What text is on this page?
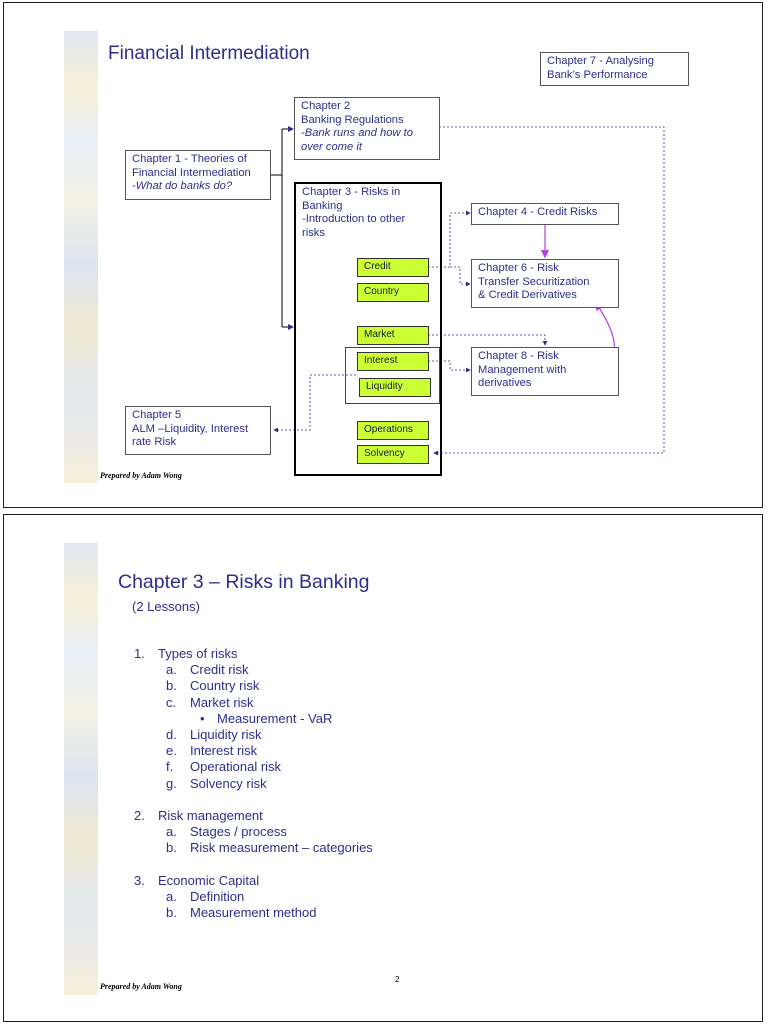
Financial Intermediation	Chapter 7 - Analysing
Bank’s Performance
Chapter 2
Banking Regulations
-Bank runs and how to
over come it
Chapter 1 - Theories of
Financial Intermediation
-What do banks do?	Chapter 3 - Risks in
Banking
-Introduction to other
risks
Credit
Country
Market
Interest
Liquidity
Operations
Solvency
Chapter 4 - Credit Risks
Chapter 6 - Risk
Transfer Securitization
& Credit Derivatives
Chapter 8 - Risk
Management with
derivatives
Chapter 5
ALM –Liquidity, Interest
rate Risk
Prepared by Adam Wong
Chapter 3 – Risks in Banking
(2 Lessons)
1. Types of risks
a. Credit risk
b. Country risk
c. Market risk
• Measurement - VaR
d. Liquidity risk
e. Interest risk
f. Operational risk
g. Solvency risk
2. Risk management
a. Stages / process
b. Risk measurement – categories
3. Economic Capital
a. Definition
b. Measurement method
2
Prepared by Adam Wong
